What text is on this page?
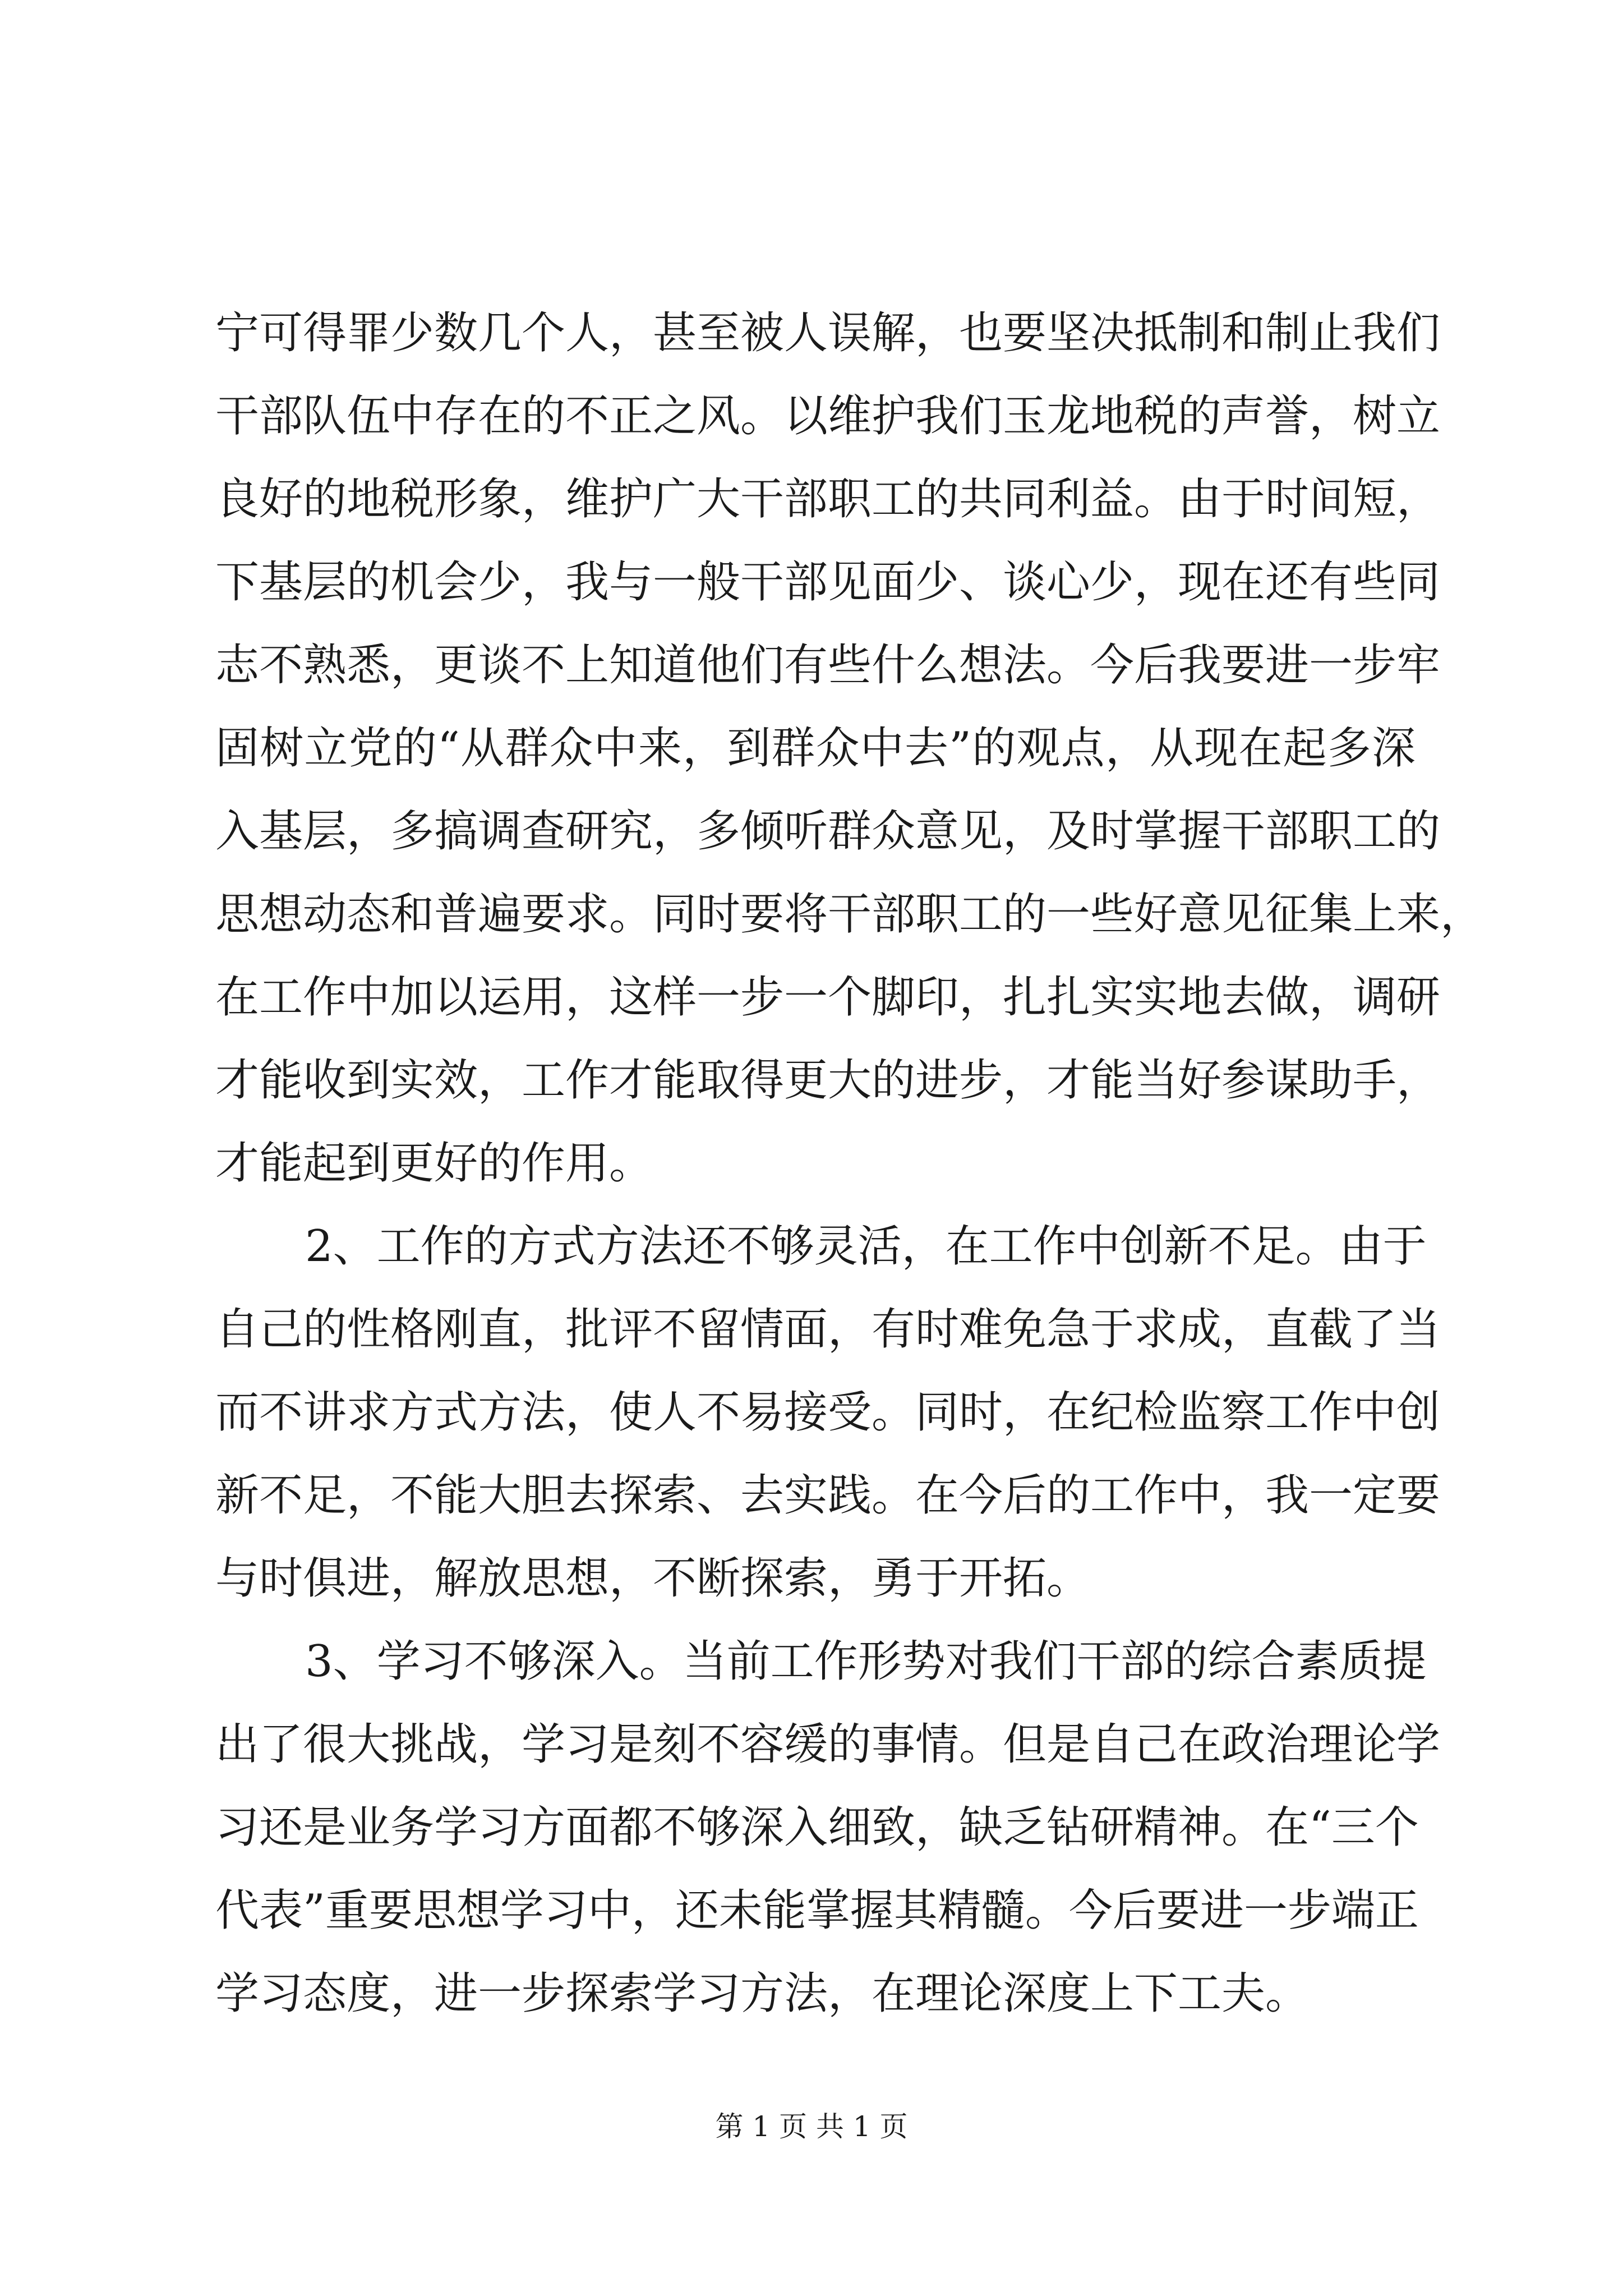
宁可得罪少数几个人，甚至被人误解，也要坚决抵制和制止我们
干部队伍中存在的不正之风。以维护我们玉龙地税的声誉，树立
良好的地税形象，维护广大干部职工的共同利益。由于时间短，
下基层的机会少，我与一般干部见面少、谈心少，现在还有些同
志不熟悉，更谈不上知道他们有些什么想法。今后我要进一步牢
固树立党的“从群众中来，到群众中去”的观点，从现在起多深
入基层，多搞调查研究，多倾听群众意见，及时掌握干部职工的
思想动态和普遍要求。同时要将干部职工的一些好意见征集上来，
在工作中加以运用，这样一步一个脚印，扎扎实实地去做，调研
才能收到实效，工作才能取得更大的进步，才能当好参谋助手，
才能起到更好的作用。
2、工作的方式方法还不够灵活，在工作中创新不足。由于
自己的性格刚直，批评不留情面，有时难免急于求成，直截了当
而不讲求方式方法，使人不易接受。同时，在纪检监察工作中创
新不足，不能大胆去探索、去实践。在今后的工作中，我一定要
与时俱进，解放思想，不断探索，勇于开拓。
3、学习不够深入。当前工作形势对我们干部的综合素质提
出了很大挑战，学习是刻不容缓的事情。但是自己在政治理论学
习还是业务学习方面都不够深入细致，缺乏钻研精神。在“三个
代表”重要思想学习中，还未能掌握其精髓。今后要进一步端正
学习态度，进一步探索学习方法，在理论深度上下工夫。
第 1 页 共 1 页
